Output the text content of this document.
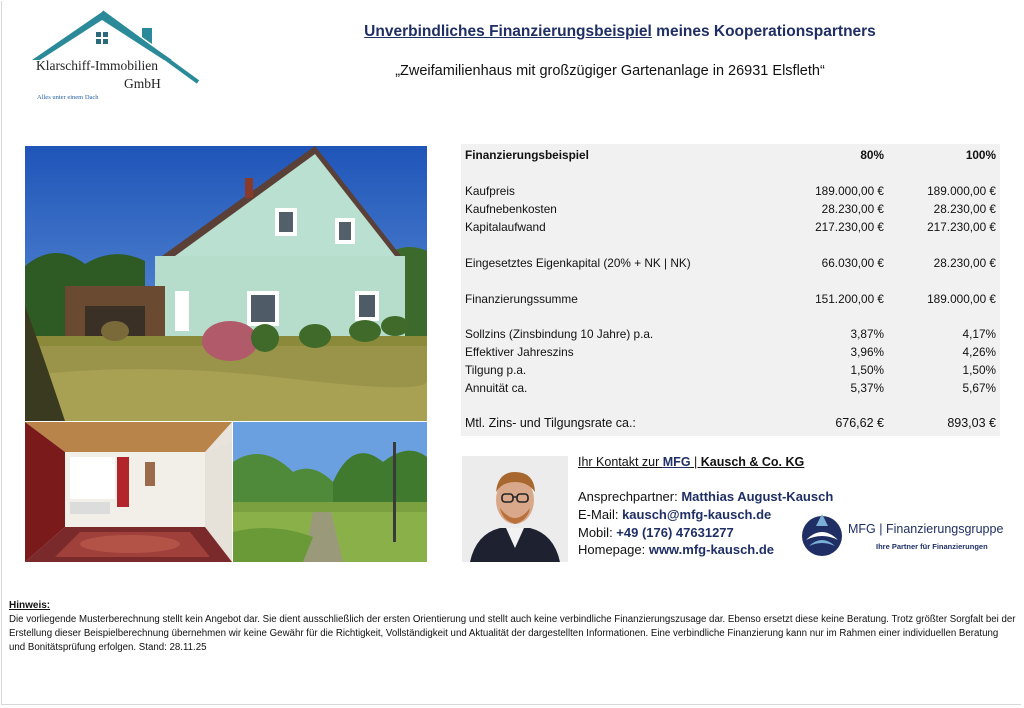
Klarschiff-Immobilien
GmbH
Alles unter einem Dach
Unverbindliches Finanzierungsbeispiel meines Kooperationspartners
„Zweifamilienhaus mit großzügiger Gartenanlage in 26931 Elsfleth“
Finanzierungsbeispiel	80%	100%
Kaufpreis	189.000,00 €	189.000,00 €
Kaufnebenkosten	28.230,00 €	28.230,00 €
Kapitalaufwand	217.230,00 €	217.230,00 €
Eingesetztes Eigenkapital (20% + NK | NK)	66.030,00 €	28.230,00 €
Finanzierungssumme	151.200,00 €	189.000,00 €
Sollzins (Zinsbindung 10 Jahre) p.a.	3,87%	4,17%
Effektiver Jahreszins	3,96%	4,26%
Tilgung p.a.	1,50%	1,50%
Annuität ca.	5,37%	5,67%
Mtl. Zins- und Tilgungsrate ca.:	676,62 €	893,03 €
Ihr Kontakt zur MFG | Kausch & Co. KG
Ansprechpartner: Matthias August-Kausch
E-Mail: kausch@mfg-kausch.de
Mobil: +49 (176) 47631277
Homepage: www.mfg-kausch.de
MFG | Finanzierungsgruppe
Ihre Partner für Finanzierungen
Hinweis:
Die vorliegende Musterberechnung stellt kein Angebot dar. Sie dient ausschließlich der ersten Orientierung und stellt auch keine verbindliche Finanzierungszusage dar. Ebenso ersetzt diese keine Beratung. Trotz größter Sorgfalt bei der Erstellung dieser Beispielberechnung übernehmen wir keine Gewähr für die Richtigkeit, Vollständigkeit und Aktualität der dargestellten Informationen. Eine verbindliche Finanzierung kann nur im Rahmen einer individuellen Beratung und Bonitätsprüfung erfolgen. Stand: 28.11.25
